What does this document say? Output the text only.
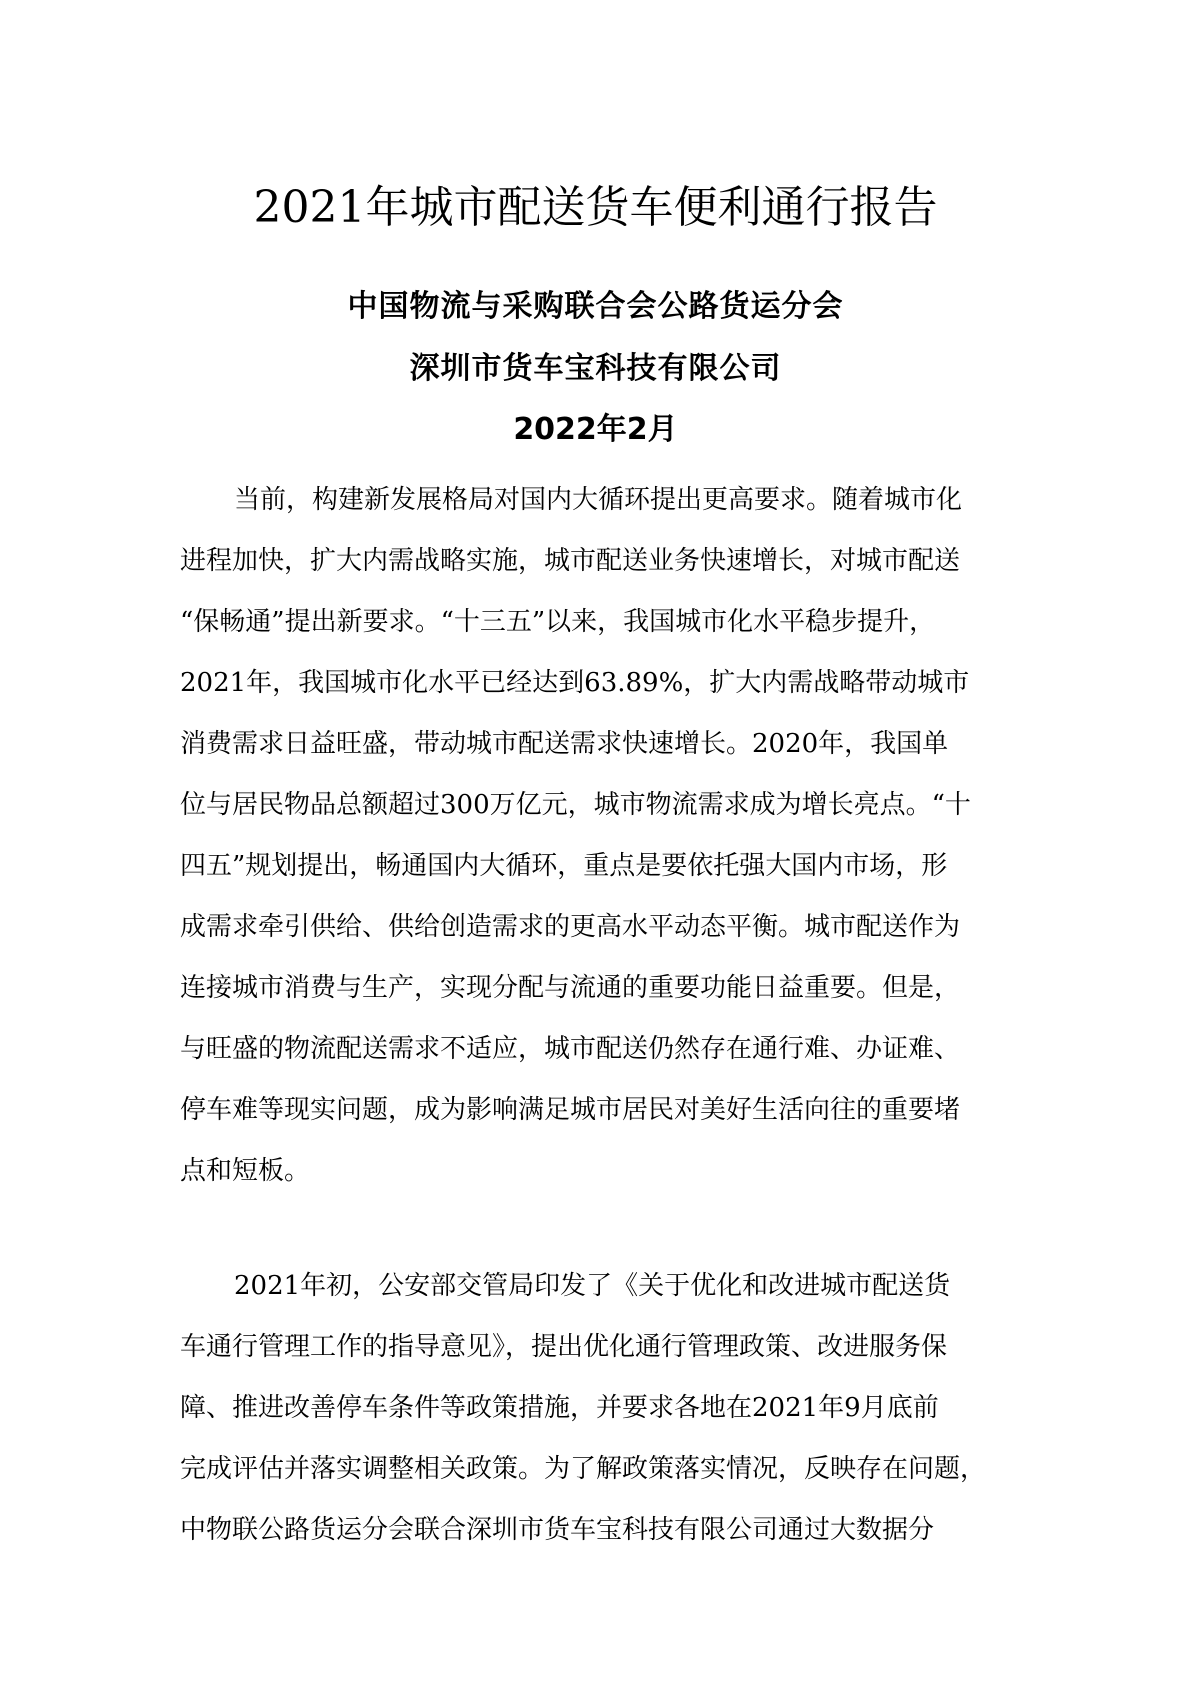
2021年城市配送货车便利通行报告
中国物流与采购联合会公路货运分会
深圳市货车宝科技有限公司
2022年2月
当前，构建新发展格局对国内大循环提出更高要求。随着城市化
进程加快，扩大内需战略实施，城市配送业务快速增长，对城市配送
“保畅通”提出新要求。“十三五”以来，我国城市化水平稳步提升，
2021年，我国城市化水平已经达到63.89%，扩大内需战略带动城市
消费需求日益旺盛，带动城市配送需求快速增长。2020年，我国单
位与居民物品总额超过300万亿元，城市物流需求成为增长亮点。“十
四五”规划提出，畅通国内大循环，重点是要依托强大国内市场，形
成需求牵引供给、供给创造需求的更高水平动态平衡。城市配送作为
连接城市消费与生产，实现分配与流通的重要功能日益重要。但是，
与旺盛的物流配送需求不适应，城市配送仍然存在通行难、办证难、
停车难等现实问题，成为影响满足城市居民对美好生活向往的重要堵
点和短板。
2021年初，公安部交管局印发了《关于优化和改进城市配送货
车通行管理工作的指导意见》，提出优化通行管理政策、改进服务保
障、推进改善停车条件等政策措施，并要求各地在2021年9月底前
完成评估并落实调整相关政策。为了解政策落实情况，反映存在问题，
中物联公路货运分会联合深圳市货车宝科技有限公司通过大数据分
